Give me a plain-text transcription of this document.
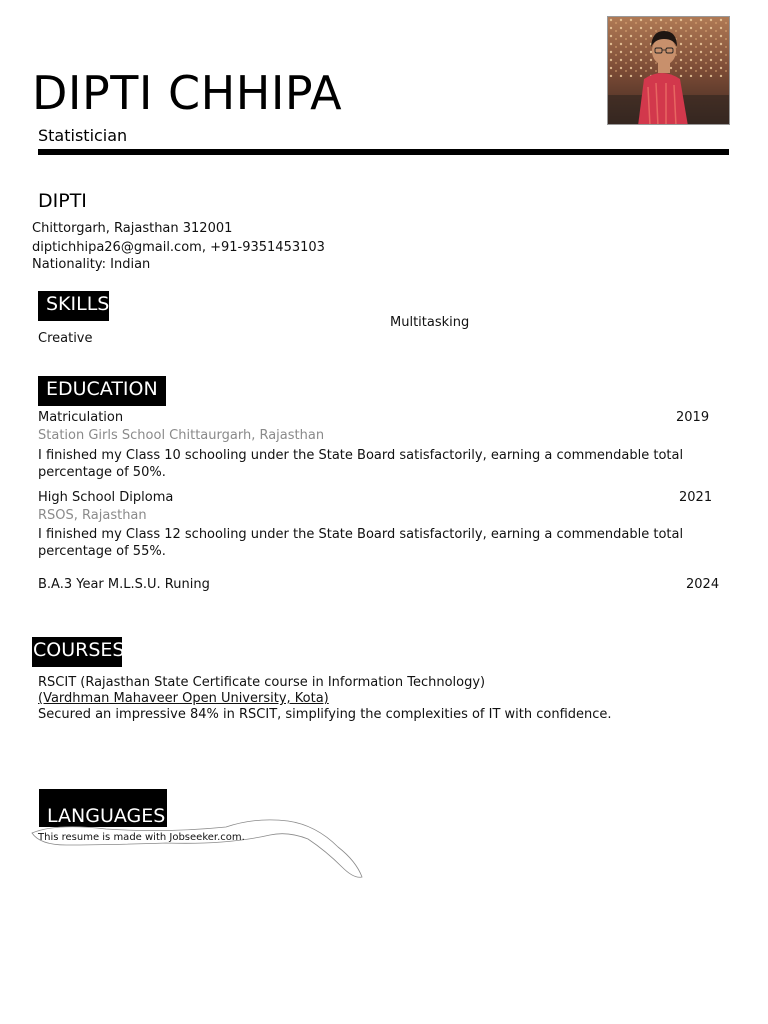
DIPTI CHHIPA
Statistician
DIPTI
Chittorgarh, Rajasthan 312001
diptichhipa26@gmail.com, +91-9351453103
Nationality: Indian
SKILLS
Creative
Multitasking
EDUCATION
Matriculation	2019
Station Girls School Chittaurgarh, Rajasthan
I finished my Class 10 schooling under the State Board satisfactorily, earning a commendable total
percentage of 50%.
High School Diploma	2021
RSOS, Rajasthan
I finished my Class 12 schooling under the State Board satisfactorily, earning a commendable total
percentage of 55%.
B.A.3 Year M.L.S.U. Runing	2024
COURSES
RSCIT (Rajasthan State Certificate course in Information Technology)
(Vardhman Mahaveer Open University, Kota)
Secured an impressive 84% in RSCIT, simplifying the complexities of IT with confidence.
LANGUAGES
This resume is made with Jobseeker.com.
